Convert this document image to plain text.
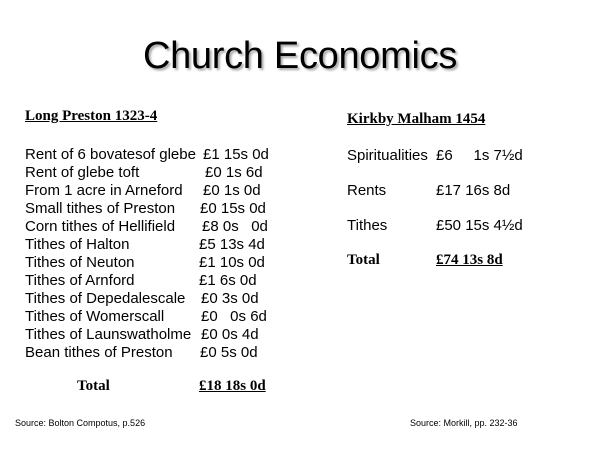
Church Economics
Long Preston 1323-4
Rent of 6 bovatesof glebe £1 15s 0d
Rent of glebe toft	£0 1s 6d
From 1 acre in Arneford £0 1s 0d
Small tithes of Preston £0 15s 0d
Corn tithes of Hellifield £8 0s   0d
Tithes of Halton	£5 13s 4d
Tithes of Neuton	£1 10s 0d
Tithes of Arnford	£1 6s 0d
Tithes of Depedalescale £0 3s 0d
Tithes of Womerscall £0   0s 6d
Tithes of Launswatholme £0 0s 4d
Bean tithes of Preston £0 5s 0d
Total	£18 18s 0d
Source: Bolton Compotus, p.526
Kirkby Malham 1454
Spiritualities £6     1s 7½d
Rents	£17 16s 8d
Tithes	£50 15s 4½d
Total	£74 13s 8d
Source: Morkill, pp. 232-36
